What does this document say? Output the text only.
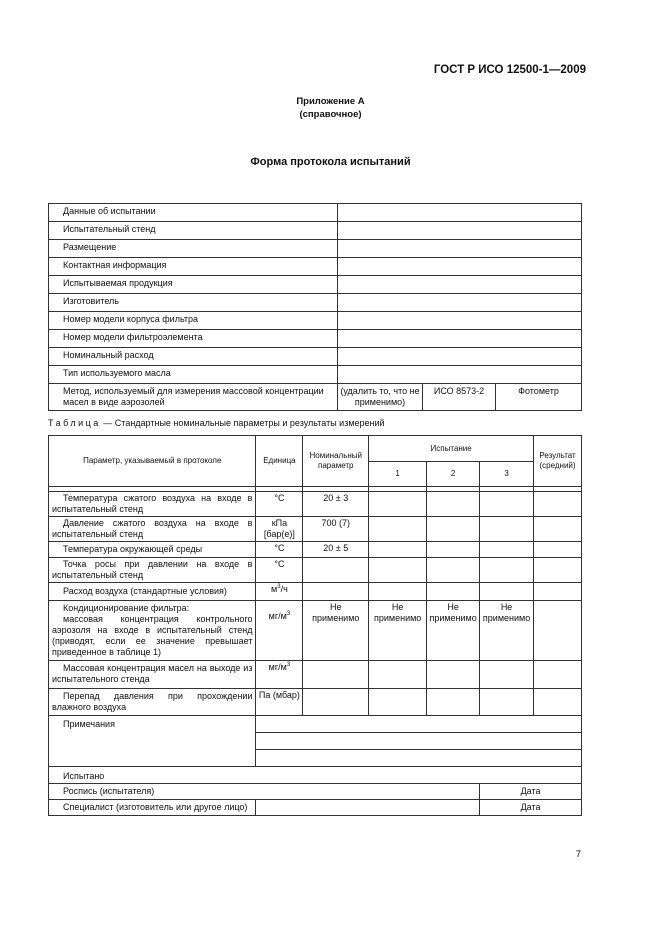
ГОСТ Р ИСО 12500-1—2009
Приложение А
(справочное)
Форма протокола испытаний
Данные об испытании	
Испытательный стенд	
Размещение	
Контактная информация	
Испытываемая продукция	
Изготовитель	
Номер модели корпуса фильтра	
Номер модели фильтроэлемента	
Номинальный расход	
Тип используемого масла	
Метод, используемый для измерения массовой концентрации масел в виде аэрозолей	
(удалить то, что не применимо)	ИСО 8573-2	Фотометр
Таблица — Стандартные номинальные параметры и результаты измерений
Параметр, указываемый в протоколе	Единица	Номинальный параметр	Испытание			Результат (средний)
			1	2	3	

Температура сжатого воздуха на входе в испытательный стенд	°С	20 ± 3				
Давление сжатого воздуха на входе в испытательный стенд	кПа [бар(е)]	700 (7)				
Температура окружающей среды	°С	20 ± 5				
Точка росы при давлении на входе в испытательный стенд	°С					
Расход воздуха (стандартные условия)	$м^3/ч$					

Кондиционирование фильтра:
массовая концентрация контрольного аэрозоля на входе в испытательный стенд (приводят, если ее значение превышает приведенное в таблице 1)	$мг/м^3$	Не применимо	Не применимо	Не применимо	Не применимо	
Массовая концентрация масел на выходе из испытательного стенда	$мг/м^3$					
Перепад давления при прохождении влажного воздуха	Па (мбар)					
Примечания						

Испытано						
Роспись (испытателя)					Дата	
Специалист (изготовитель или другое лицо)					Дата	
7
